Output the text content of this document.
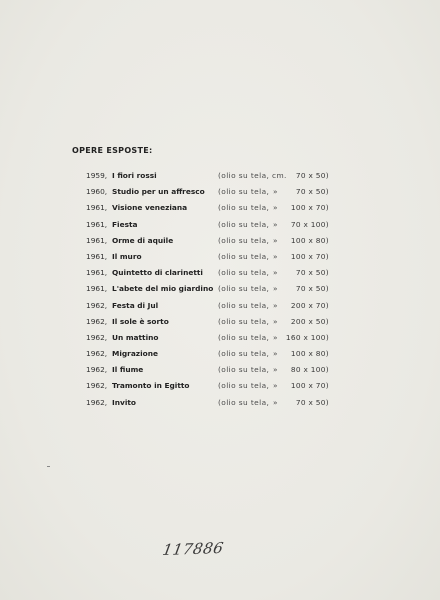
OPERE ESPOSTE:
1959, I fiori rossi	(olio su tela, cm.	70 x 50)
1960, Studio per un affresco (olio su tela, »	70 x 50)
1961, Visione veneziana	(olio su tela, »	100 x 70)
1961, Fiesta	(olio su tela, »	70 x 100)
1961, Orme di aquile	(olio su tela, »	100 x 80)
1961, Il muro	(olio su tela, »	100 x 70)
1961, Quintetto di clarinetti (olio su tela, »	70 x 50)
1961, L'abete del mio giardino (olio su tela, »	70 x 50)
1962, Festa di Jul	(olio su tela, »	200 x 70)
1962, Il sole è sorto	(olio su tela, »	200 x 50)
1962, Un mattino	(olio su tela, »	160 x 100)
1962, Migrazione	(olio su tela, »	100 x 80)
1962, Il fiume	(olio su tela, »	80 x 100)
1962, Tramonto in Egitto	(olio su tela, »	100 x 70)
1962, Invito	(olio su tela, »	70 x 50)
117886
